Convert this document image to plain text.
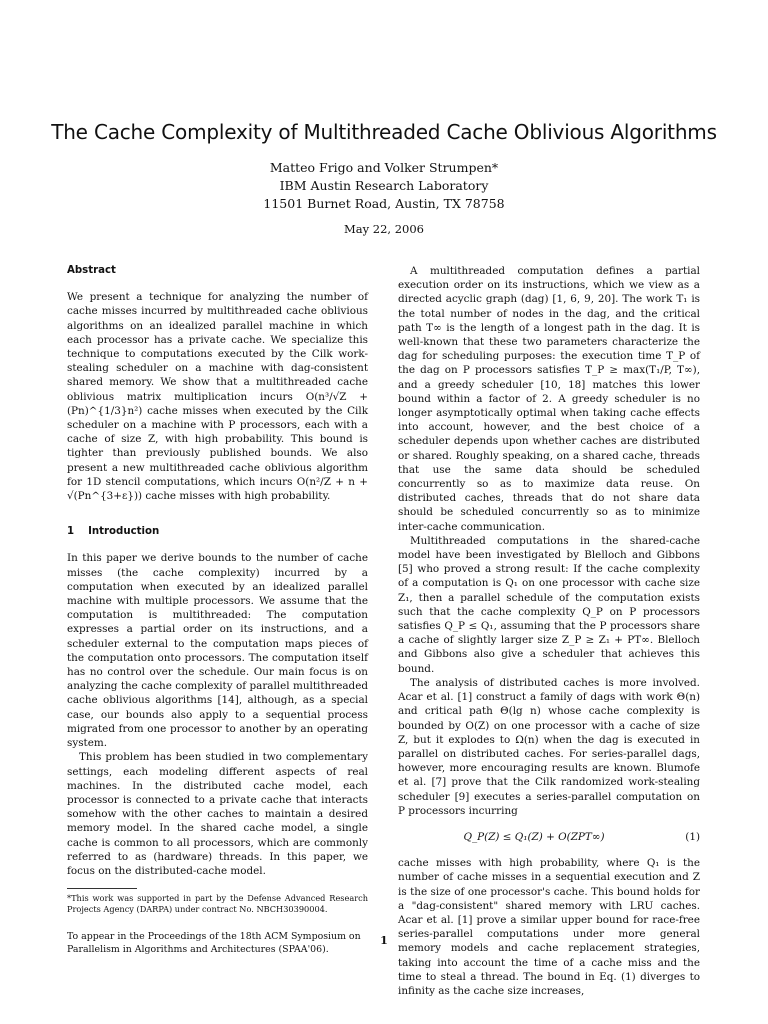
The Cache Complexity of Multithreaded Cache Oblivious Algorithms
Matteo Frigo and Volker Strumpen*
IBM Austin Research Laboratory
11501 Burnet Road, Austin, TX 78758
May 22, 2006
Abstract

We present a technique for analyzing the number of cache misses incurred by multithreaded cache oblivious algorithms on an idealized parallel machine in which each processor has a private cache. We specialize this technique to computations executed by the Cilk work-stealing scheduler on a machine with dag-consistent shared memory. We show that a multithreaded cache oblivious matrix multiplication incurs O(n³/√Z + (Pn)^{1/3}n²) cache misses when executed by the Cilk scheduler on a machine with P processors, each with a cache of size Z, with high probability. This bound is tighter than previously published bounds. We also present a new multithreaded cache oblivious algorithm for 1D stencil computations, which incurs O(n²/Z + n + √(Pn^{3+ε})) cache misses with high probability.

1 Introduction

In this paper we derive bounds to the number of cache misses (the cache complexity) incurred by a computation when executed by an idealized parallel machine with multiple processors. We assume that the computation is multithreaded: The computation expresses a partial order on its instructions, and a scheduler external to the computation maps pieces of the computation onto processors. The computation itself has no control over the schedule. Our main focus is on analyzing the cache complexity of parallel multithreaded cache oblivious algorithms [14], although, as a special case, our bounds also apply to a sequential process migrated from one processor to another by an operating system.

This problem has been studied in two complementary settings, each modeling different aspects of real machines. In the distributed cache model, each processor is connected to a private cache that interacts somehow with the other caches to maintain a desired memory model. In the shared cache model, a single cache is common to all processors, which are commonly referred to as (hardware) threads. In this paper, we focus on the distributed-cache model.

*This work was supported in part by the Defense Advanced Research Projects Agency (DARPA) under contract No. NBCH30390004.

To appear in the Proceedings of the 18th ACM Symposium on Parallelism in Algorithms and Architectures (SPAA'06).

A multithreaded computation defines a partial execution order on its instructions, which we view as a directed acyclic graph (dag) [1, 6, 9, 20]. The work T₁ is the total number of nodes in the dag, and the critical path T∞ is the length of a longest path in the dag. It is well-known that these two parameters characterize the dag for scheduling purposes: the execution time T_P of the dag on P processors satisfies T_P ≥ max(T₁/P, T∞), and a greedy scheduler [10, 18] matches this lower bound within a factor of 2. A greedy scheduler is no longer asymptotically optimal when taking cache effects into account, however, and the best choice of a scheduler depends upon whether caches are distributed or shared. Roughly speaking, on a shared cache, threads that use the same data should be scheduled concurrently so as to maximize data reuse. On distributed caches, threads that do not share data should be scheduled concurrently so as to minimize inter-cache communication.

Multithreaded computations in the shared-cache model have been investigated by Blelloch and Gibbons [5] who proved a strong result: If the cache complexity of a computation is Q₁ on one processor with cache size Z₁, then a parallel schedule of the computation exists such that the cache complexity Q_P on P processors satisfies Q_P ≤ Q₁, assuming that the P processors share a cache of slightly larger size Z_P ≥ Z₁ + PT∞. Blelloch and Gibbons also give a scheduler that achieves this bound.

The analysis of distributed caches is more involved. Acar et al. [1] construct a family of dags with work Θ(n) and critical path Θ(lg n) whose cache complexity is bounded by O(Z) on one processor with a cache of size Z, but it explodes to Ω(n) when the dag is executed in parallel on distributed caches. For series-parallel dags, however, more encouraging results are known. Blumofe et al. [7] prove that the Cilk randomized work-stealing scheduler [9] executes a series-parallel computation on P processors incurring

Q_P(Z) ≤ Q₁(Z) + O(ZPT∞)	(1)

cache misses with high probability, where Q₁ is the number of cache misses in a sequential execution and Z is the size of one processor's cache. This bound holds for a "dag-consistent" shared memory with LRU caches. Acar et al. [1] prove a similar upper bound for race-free series-parallel computations under more general memory models and cache replacement strategies, taking into account the time of a cache miss and the time to steal a thread. The bound in Eq. (1) diverges to infinity as the cache size increases,

1
